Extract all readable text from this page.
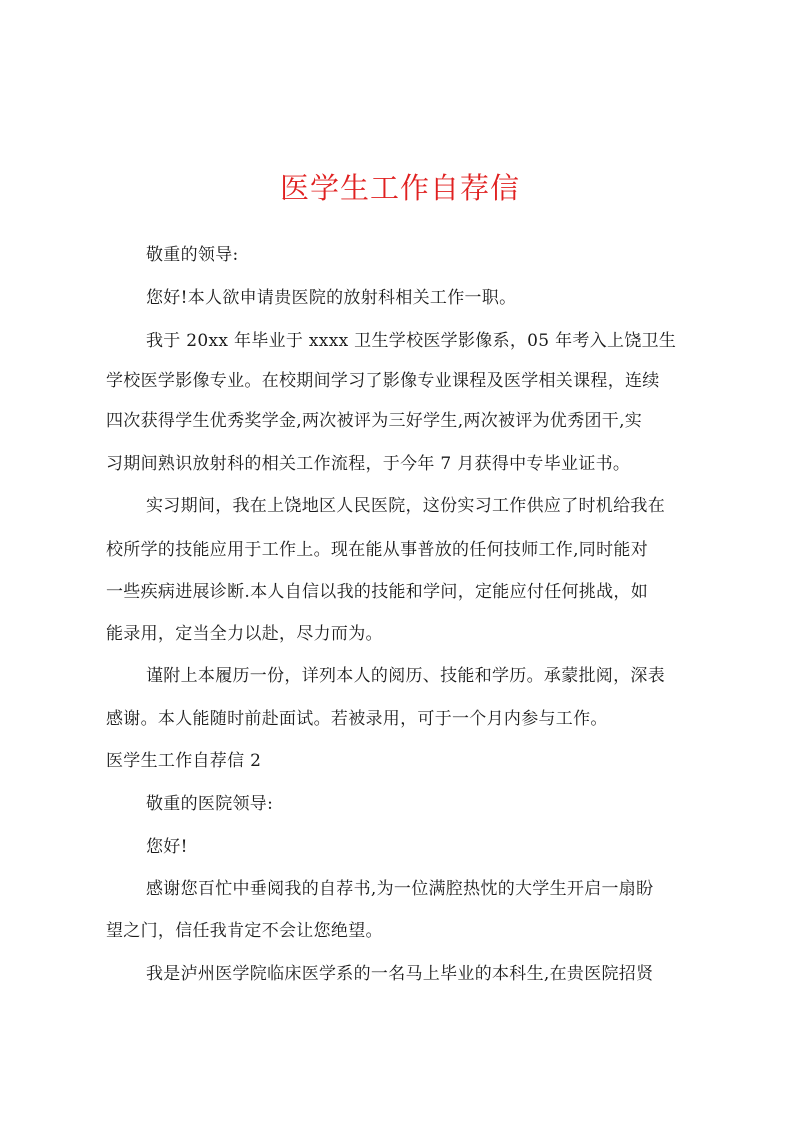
医学生工作自荐信
敬重的领导:
您好!本人欲申请贵医院的放射科相关工作一职。
我于 20xx 年毕业于 xxxx 卫生学校医学影像系，05 年考入上饶卫生
学校医学影像专业。在校期间学习了影像专业课程及医学相关课程，连续
四次获得学生优秀奖学金,两次被评为三好学生,两次被评为优秀团干,实
习期间熟识放射科的相关工作流程，于今年 7 月获得中专毕业证书。
实习期间，我在上饶地区人民医院，这份实习工作供应了时机给我在
校所学的技能应用于工作上。现在能从事普放的任何技师工作,同时能对
一些疾病进展诊断.本人自信以我的技能和学问，定能应付任何挑战，如
能录用，定当全力以赴，尽力而为。
谨附上本履历一份，详列本人的阅历、技能和学历。承蒙批阅，深表
感谢。本人能随时前赴面试。若被录用，可于一个月内参与工作。
医学生工作自荐信 2
敬重的医院领导:
您好!
感谢您百忙中垂阅我的自荐书,为一位满腔热忱的大学生开启一扇盼
望之门，信任我肯定不会让您绝望。
我是泸州医学院临床医学系的一名马上毕业的本科生,在贵医院招贤
